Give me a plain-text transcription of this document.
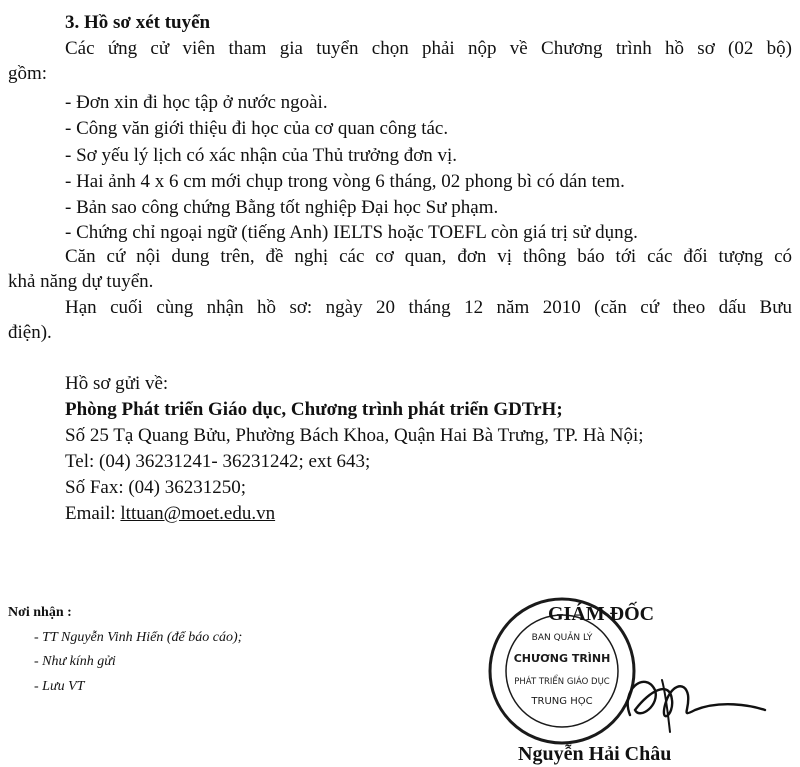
3. Hồ sơ xét tuyển
Các ứng cử viên tham gia tuyển chọn phải nộp về Chương trình hồ sơ (02 bộ)
gồm:
- Đơn xin đi học tập ở nước ngoài.
- Công văn giới thiệu đi học của cơ quan công tác.
- Sơ yếu lý lịch có xác nhận của Thủ trưởng đơn vị.
- Hai ảnh 4 x 6 cm mới chụp trong vòng 6 tháng, 02 phong bì có dán tem.
- Bản sao công chứng Bằng tốt nghiệp Đại học Sư phạm.
- Chứng chỉ ngoại ngữ (tiếng Anh) IELTS hoặc TOEFL còn giá trị sử dụng.
Căn cứ nội dung trên, đề nghị các cơ quan, đơn vị thông báo tới các đối tượng có
khả năng dự tuyển.
Hạn cuối cùng nhận hồ sơ: ngày 20 tháng 12 năm 2010 (căn cứ theo dấu Bưu
điện).
Hồ sơ gửi về:
Phòng Phát triển Giáo dục, Chương trình phát triển GDTrH;
Số 25 Tạ Quang Bửu, Phường Bách Khoa, Quận Hai Bà Trưng, TP. Hà Nội;
Tel: (04) 36231241- 36231242; ext 643;
Số Fax: (04) 36231250;
Email: lttuan@moet.edu.vn
Nơi nhận :
- TT Nguyễn Vinh Hiển (để báo cáo);
- Như kính gửi
- Lưu VT
BAN QUẢN LÝ
CHƯƠNG TRÌNH
PHÁT TRIỂN GIÁO DỤC
TRUNG HỌC
GIÁM ĐỐC
Nguyễn Hải Châu
